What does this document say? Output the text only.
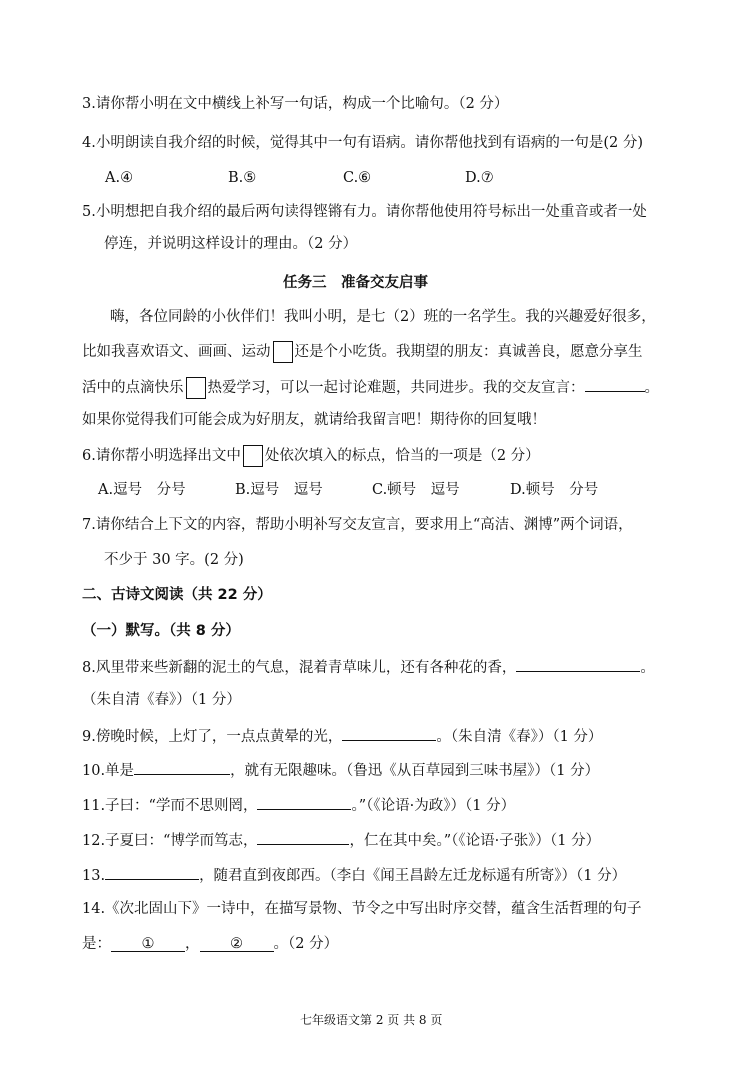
3.请你帮小明在文中横线上补写一句话，构成一个比喻句。（2 分）
4.小明朗读自我介绍的时候，觉得其中一句有语病。请你帮他找到有语病的一句是(2 分)
A.④	B.⑤	C.⑥	D.⑦
5.小明想把自我介绍的最后两句读得铿锵有力。请你帮他使用符号标出一处重音或者一处
停连，并说明这样设计的理由。（2 分）
任务三　准备交友启事
嗨，各位同龄的小伙伴们！我叫小明，是七（2）班的一名学生。我的兴趣爱好很多，
比如我喜欢语文、画画、运动 还是个小吃货。我期望的朋友：真诚善良，愿意分享生
活中的点滴快乐 热爱学习，可以一起讨论难题，共同进步。我的交友宣言：	。
如果你觉得我们可能会成为好朋友，就请给我留言吧！期待你的回复哦！
6.请你帮小明选择出文中 处依次填入的标点，恰当的一项是（2 分）
A.逗号　分号	B.逗号　逗号	C.顿号　逗号	D.顿号　分号
7.请你结合上下文的内容，帮助小明补写交友宣言，要求用上“高洁、渊博”两个词语，
不少于 30 字。(2 分)
二、古诗文阅读（共 22 分）
（一）默写。（共 8 分）
8.风里带来些新翻的泥土的气息，混着青草味儿，还有各种花的香，	。
（朱自清《春》）（1 分）
9.傍晚时候，上灯了，一点点黄晕的光，	。（朱自清《春》）（1 分）
10.单是	，就有无限趣味。（鲁迅《从百草园到三味书屋》）（1 分）
11.子曰：“学而不思则罔，	。”（《论语·为政》）（1 分）
12.子夏曰：“博学而笃志，	，仁在其中矣。”（《论语·子张》）（1 分）
13.	，随君直到夜郎西。（李白《闻王昌龄左迁龙标遥有所寄》）（1 分）
14.《次北固山下》一诗中，在描写景物、节令之中写出时序交替，蕴含生活哲理的句子
是： ① ， ② 。（2 分）
七年级语文第 2 页 共 8 页
